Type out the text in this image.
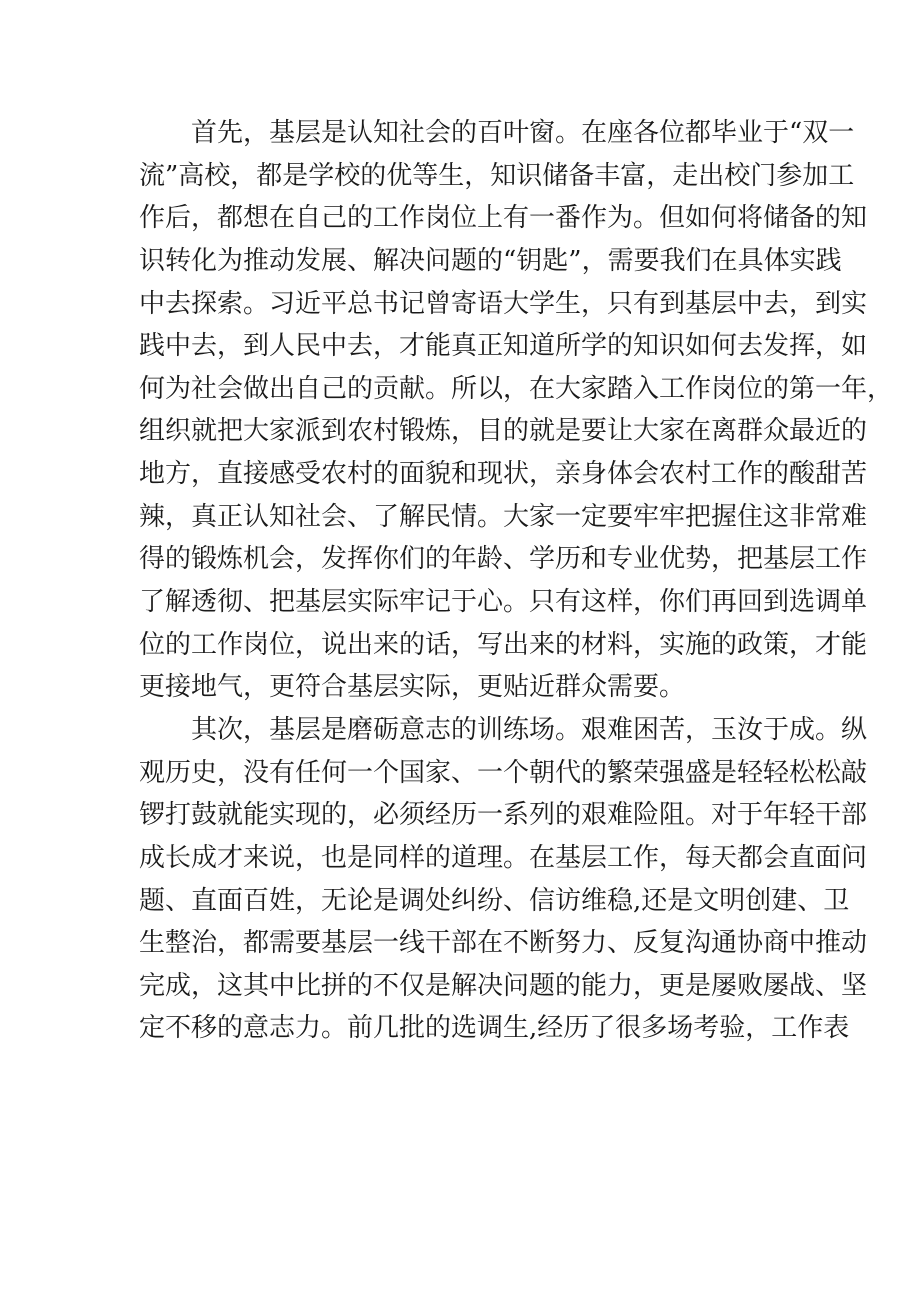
首先，基层是认知社会的百叶窗。在座各位都毕业于“双一
流”高校，都是学校的优等生，知识储备丰富，走出校门参加工
作后，都想在自己的工作岗位上有一番作为。但如何将储备的知
识转化为推动发展、解决问题的“钥匙”，需要我们在具体实践
中去探索。习近平总书记曾寄语大学生，只有到基层中去，到实
践中去，到人民中去，才能真正知道所学的知识如何去发挥，如
何为社会做出自己的贡献。所以，在大家踏入工作岗位的第一年，
组织就把大家派到农村锻炼，目的就是要让大家在离群众最近的
地方，直接感受农村的面貌和现状，亲身体会农村工作的酸甜苦
辣，真正认知社会、了解民情。大家一定要牢牢把握住这非常难
得的锻炼机会，发挥你们的年龄、学历和专业优势，把基层工作
了解透彻、把基层实际牢记于心。只有这样，你们再回到选调单
位的工作岗位，说出来的话，写出来的材料，实施的政策，才能
更接地气，更符合基层实际，更贴近群众需要。
其次，基层是磨砺意志的训练场。艰难困苦，玉汝于成。纵
观历史，没有任何一个国家、一个朝代的繁荣强盛是轻轻松松敲
锣打鼓就能实现的，必须经历一系列的艰难险阻。对于年轻干部
成长成才来说，也是同样的道理。在基层工作，每天都会直面问
题、直面百姓，无论是调处纠纷、信访维稳,还是文明创建、卫
生整治，都需要基层一线干部在不断努力、反复沟通协商中推动
完成，这其中比拼的不仅是解决问题的能力，更是屡败屡战、坚
定不移的意志力。前几批的选调生,经历了很多场考验，工作表
